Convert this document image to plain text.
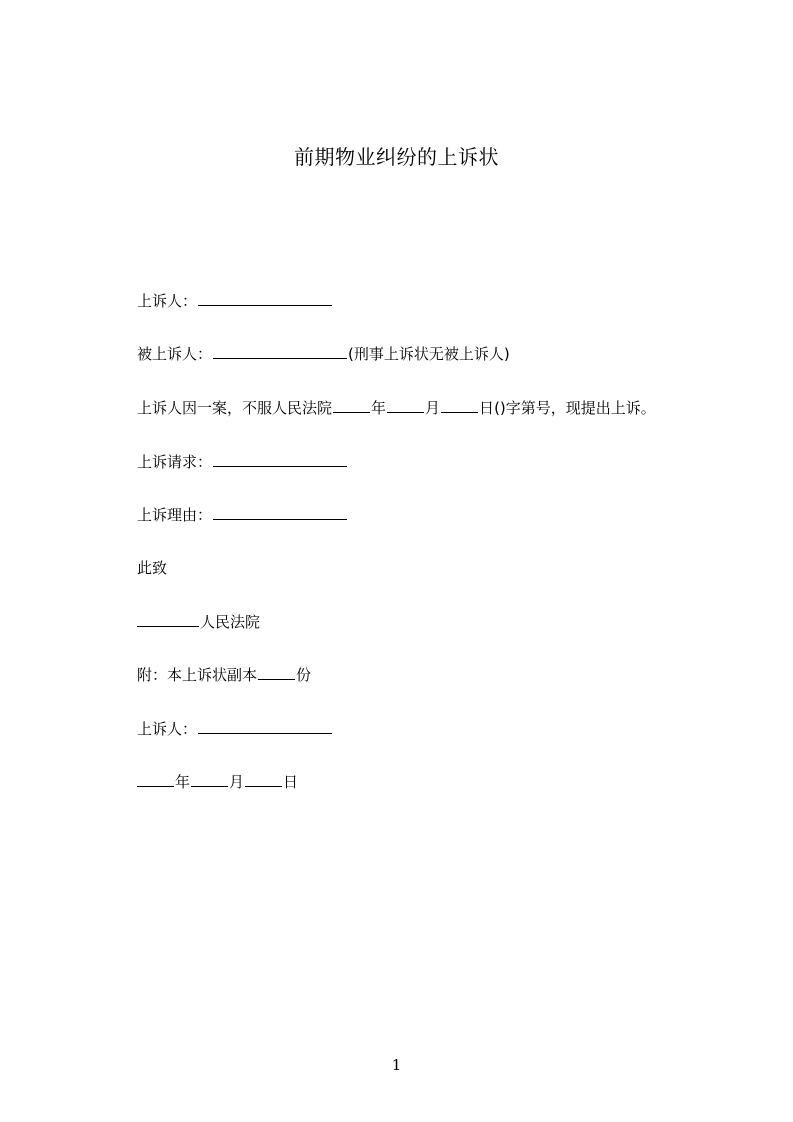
前期物业纠纷的上诉状
上诉人：
被上诉人：	(刑事上诉状无被上诉人)
上诉人因一案，不服人民法院	年	月	日()字第号，现提出上诉。
上诉请求：
上诉理由：
此致
人民法院
附：本上诉状副本	份
上诉人：
年	月	日
1
